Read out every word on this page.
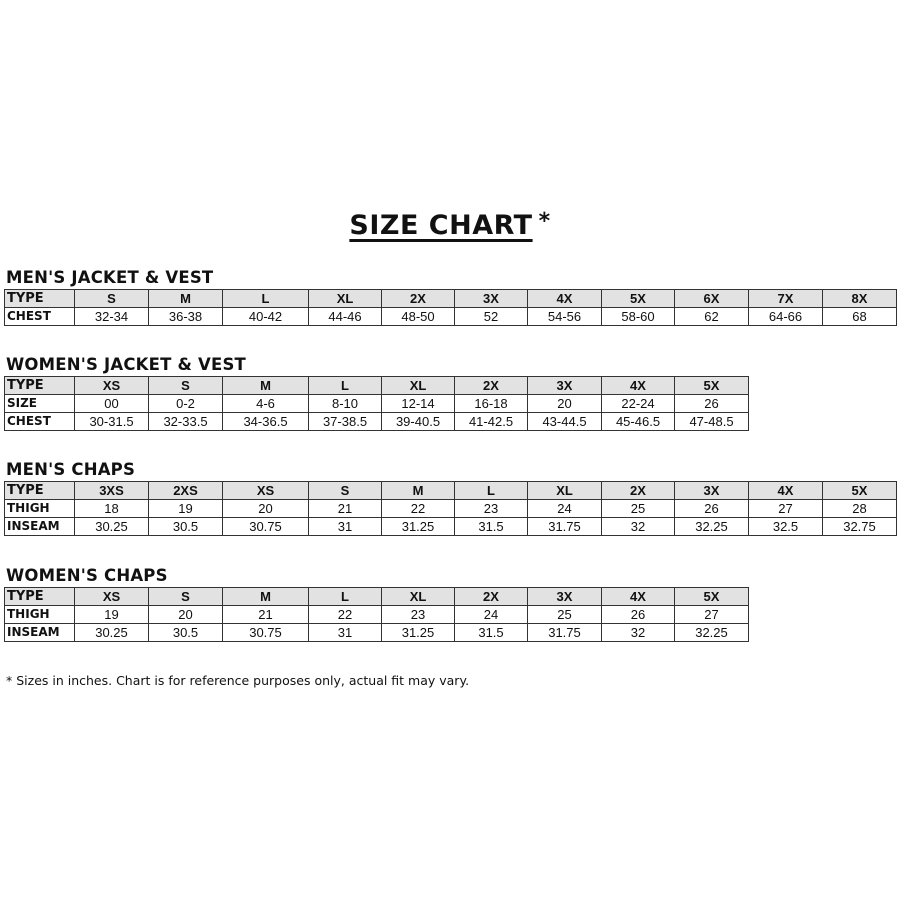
SIZE CHART *
MEN'S JACKET & VEST
TYPE	S	M	L	XL	2X	3X	4X	5X	6X	7X	8X
CHEST	32-34	36-38	40-42	44-46	48-50	52	54-56	58-60	62	64-66	68
WOMEN'S JACKET & VEST
TYPE	XS	S	M	L	XL	2X	3X	4X	5X
SIZE	00	0-2	4-6	8-10	12-14	16-18	20	22-24	26
CHEST	30-31.5	32-33.5	34-36.5	37-38.5	39-40.5	41-42.5	43-44.5	45-46.5	47-48.5
MEN'S CHAPS
TYPE	3XS	2XS	XS	S	M	L	XL	2X	3X	4X	5X
THIGH	18	19	20	21	22	23	24	25	26	27	28
INSEAM	30.25	30.5	30.75	31	31.25	31.5	31.75	32	32.25	32.5	32.75
WOMEN'S CHAPS
TYPE	XS	S	M	L	XL	2X	3X	4X	5X
THIGH	19	20	21	22	23	24	25	26	27
INSEAM	30.25	30.5	30.75	31	31.25	31.5	31.75	32	32.25
* Sizes in inches. Chart is for reference purposes only, actual fit may vary.
